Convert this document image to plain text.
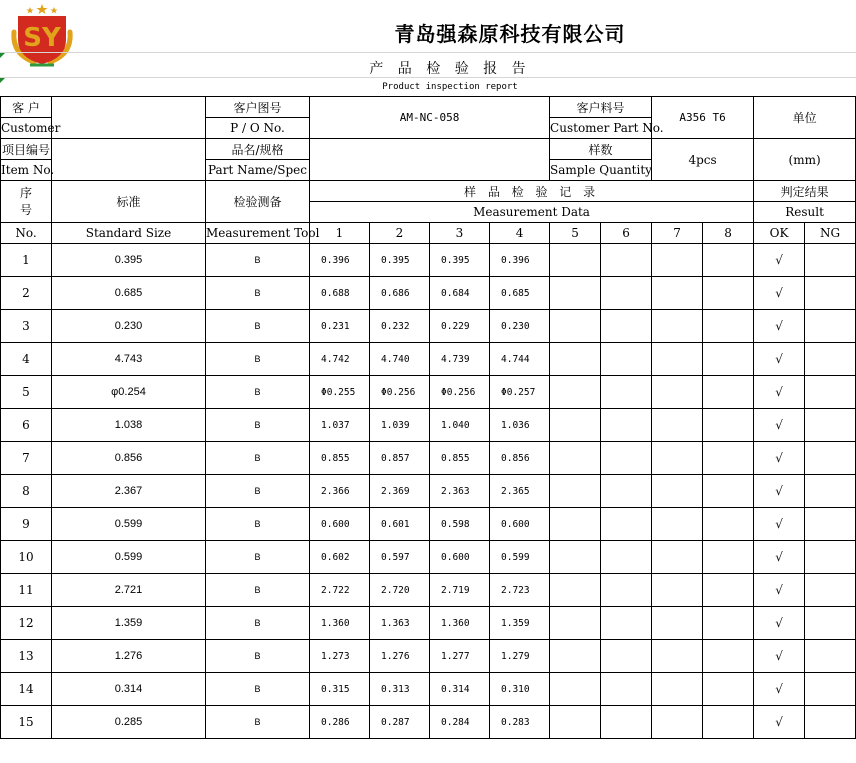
SY	青岛强森原科技有限公司
产 品 检 验 报 告
Product inspection report
客 户		客户图号	AM-NC-058				客户料号		A356 T6		单位	
Customer		P / O No.					Customer Part No.					
项目编号		品名/规格					样数		4pcs		(mm)	
Item No.		Part Name/Spec					Sample Quantity					

序
号	标准	检验测备	样 品 检 验 记 录								判定结果	
			Measurement Data								Result	
No.	Standard Size	Measurement Tool	1	2	3	4	5	6	7	8	OK	NG
1	0.395	B	0.396	0.395	0.395	0.396					√	
2	0.685	B	0.688	0.686	0.684	0.685					√	
3	0.230	B	0.231	0.232	0.229	0.230					√	
4	4.743	B	4.742	4.740	4.739	4.744					√	
5	φ0.254	B	Φ0.255	Φ0.256	Φ0.256	Φ0.257					√	
6	1.038	B	1.037	1.039	1.040	1.036					√	
7	0.856	B	0.855	0.857	0.855	0.856					√	
8	2.367	B	2.366	2.369	2.363	2.365					√	
9	0.599	B	0.600	0.601	0.598	0.600					√	
10	0.599	B	0.602	0.597	0.600	0.599					√	
11	2.721	B	2.722	2.720	2.719	2.723					√	
12	1.359	B	1.360	1.363	1.360	1.359					√	
13	1.276	B	1.273	1.276	1.277	1.279					√	
14	0.314	B	0.315	0.313	0.314	0.310					√	
15	0.285	B	0.286	0.287	0.284	0.283					√	
